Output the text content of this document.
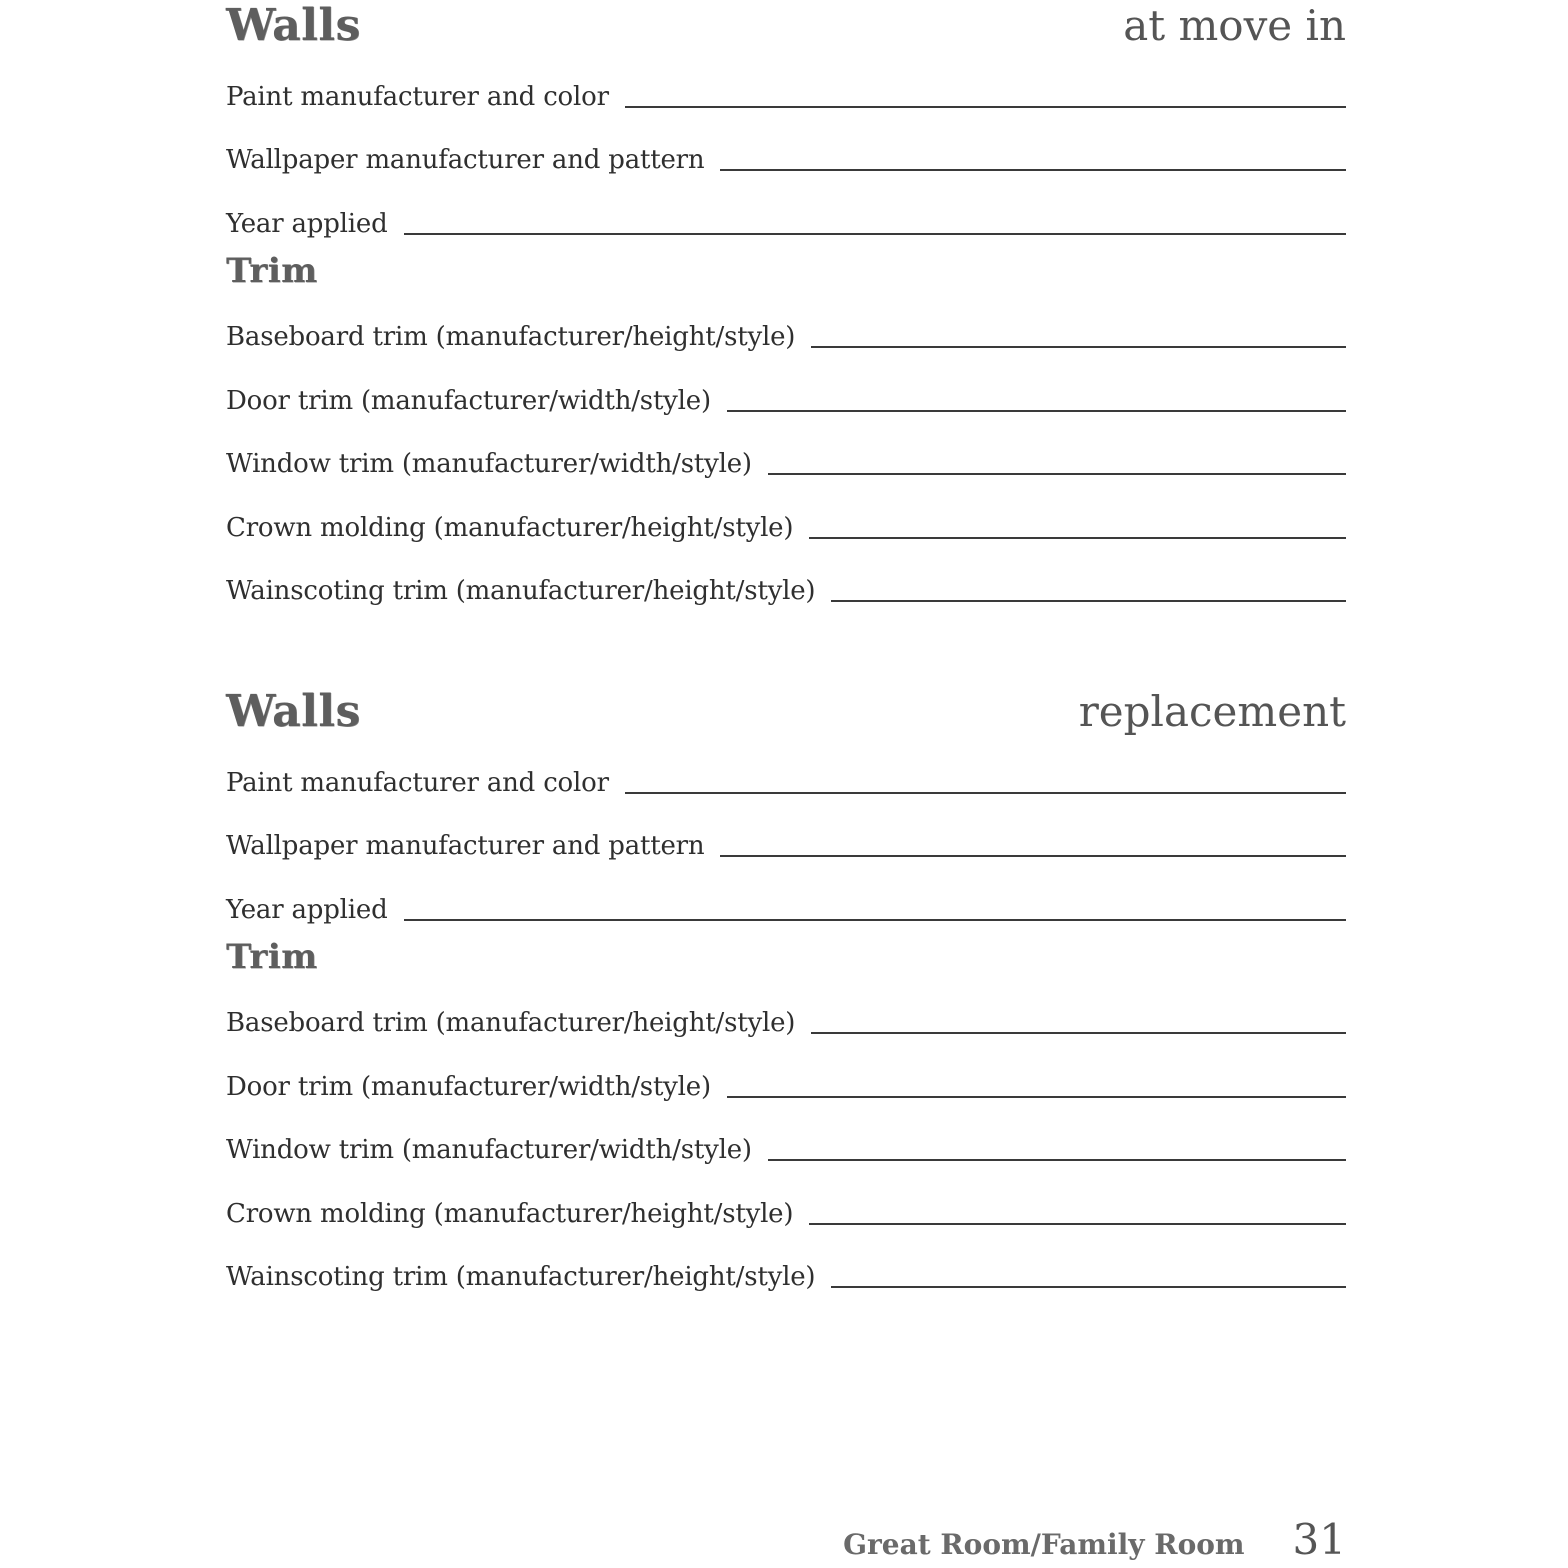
Walls	at move in
Paint manufacturer and color
Wallpaper manufacturer and pattern
Year applied
Trim
Baseboard trim (manufacturer/height/style)
Door trim (manufacturer/width/style)
Window trim (manufacturer/width/style)
Crown molding (manufacturer/height/style)
Wainscoting trim (manufacturer/height/style)
Walls	replacement
Paint manufacturer and color
Wallpaper manufacturer and pattern
Year applied
Trim
Baseboard trim (manufacturer/height/style)
Door trim (manufacturer/width/style)
Window trim (manufacturer/width/style)
Crown molding (manufacturer/height/style)
Wainscoting trim (manufacturer/height/style)
Great Room/Family Room 31
